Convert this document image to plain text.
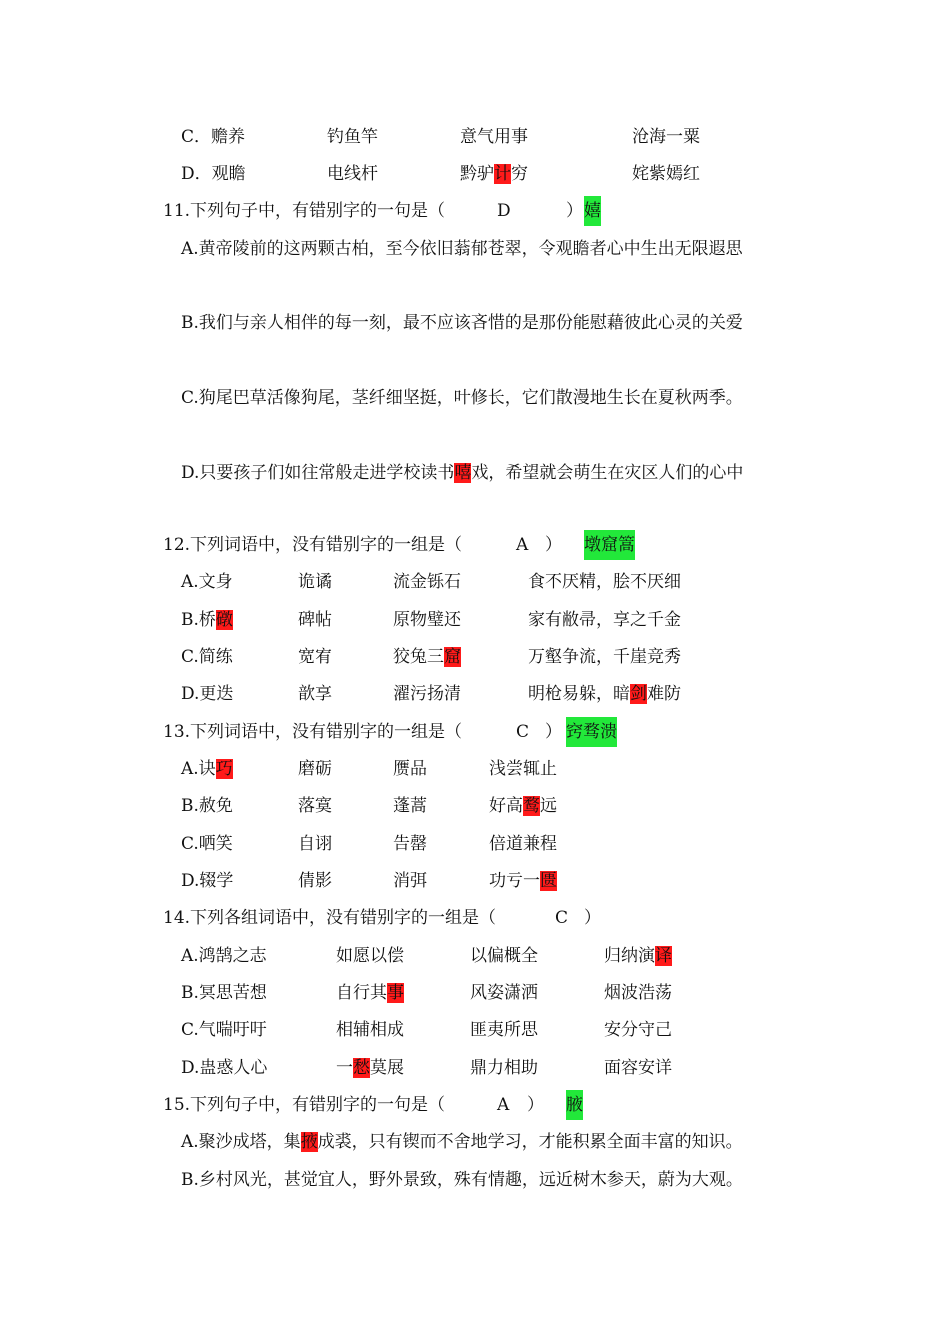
C．赡养	钓鱼竿	意气用事	沧海一粟
D．观瞻	电线杆	黔驴计穷	姹紫嫣红
11.下列句子中，有错别字的一句是（	D	） 嬉
A.黄帝陵前的这两颗古柏，至今依旧蓊郁苍翠，令观瞻者心中生出无限遐思
B.我们与亲人相伴的每一刻，最不应该吝惜的是那份能慰藉彼此心灵的关爱
C.狗尾巴草活像狗尾，茎纤细坚挺，叶修长，它们散漫地生长在夏秋两季。
D.只要孩子们如往常般走进学校读书嘻戏，希望就会萌生在灾区人们的心中
12.下列词语中，没有错别字的一组是（	A ） 墩窟篙
A.文身	诡谲	流金铄石	食不厌精，脍不厌细
B.桥礅	碑帖	原物璧还	家有敝帚，享之千金
C.简练	宽宥	狡兔三窟	万壑争流，千崖竞秀
D.更迭	歆享	濯污扬清	明枪易躲，暗剑难防
13.下列词语中，没有错别字的一组是（	C ） 窍骛溃
A.诀巧	磨砺	赝品	浅尝辄止
B.赦免	落寞	蓬蒿	好高鹜远
C.哂笑	自诩	告罄	倍道兼程
D.辍学	倩影	消弭	功亏一匮
14.下列各组词语中，没有错别字的一组是（	C ）
A.鸿鹄之志	如愿以偿	以偏概全	归纳演译
B.冥思苦想	自行其事	风姿潇洒	烟波浩荡
C.气喘吁吁	相辅相成	匪夷所思	安分守己
D.蛊惑人心	一愁莫展	鼎力相助	面容安详
15.下列句子中，有错别字的一句是（	A ） 腋
A.聚沙成塔，集掖成裘，只有锲而不舍地学习，才能积累全面丰富的知识。
B.乡村风光，甚觉宜人，野外景致，殊有情趣，远近树木参天，蔚为大观。
